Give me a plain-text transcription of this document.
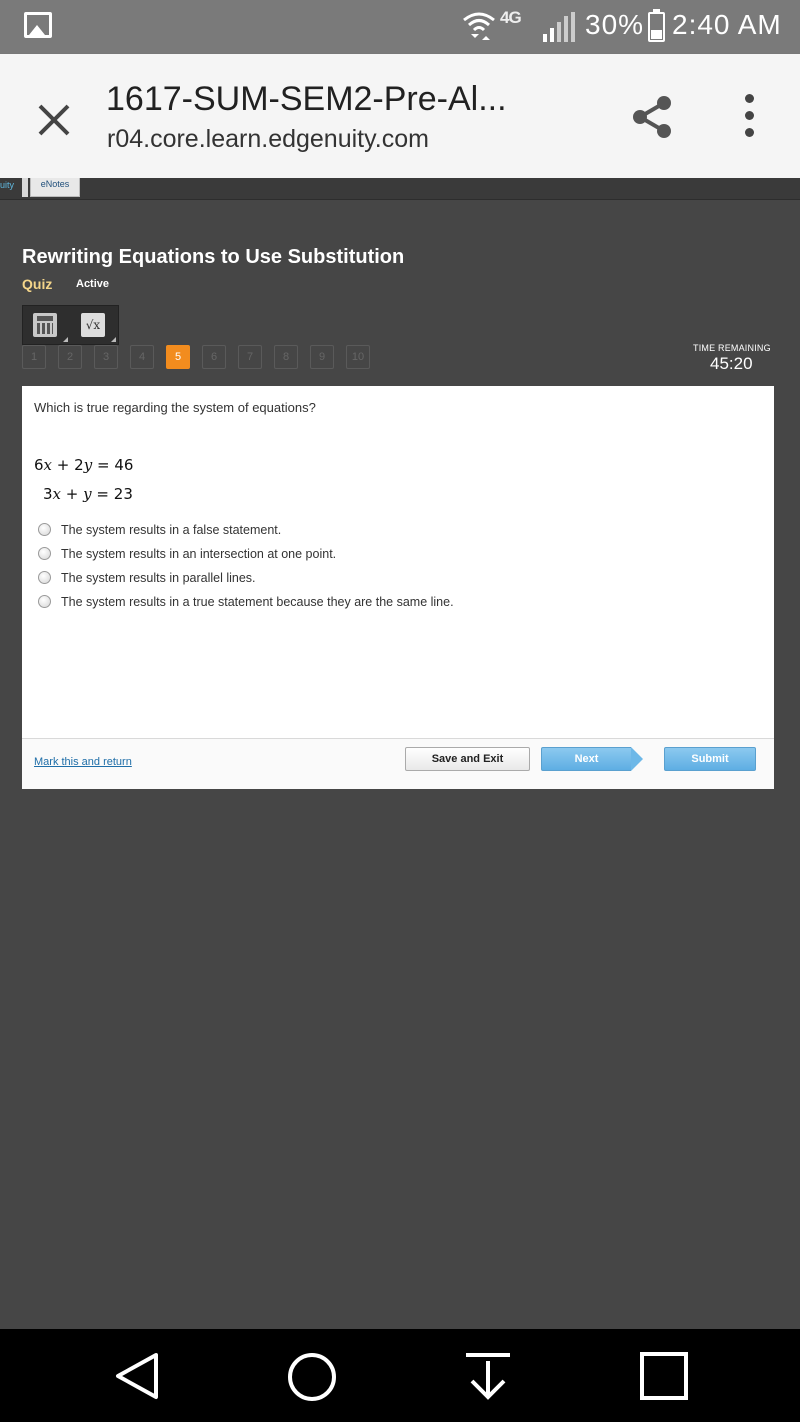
4G 30% 2:40 AM
1617-SUM-SEM2-Pre-Al...
r04.core.learn.edgenuity.com
uity	eNotes
Rewriting Equations to Use Substitution
Quiz Active
√x
1	2	3	4	5	6	7	8	9	10
TIME REMAINING
45:20
Which is true regarding the system of equations?
6x + 2y = 46
3x + y = 23
The system results in a false statement.
The system results in an intersection at one point.
The system results in parallel lines.
The system results in a true statement because they are the same line.
Mark this and return	Save and Exit	Next	Submit
